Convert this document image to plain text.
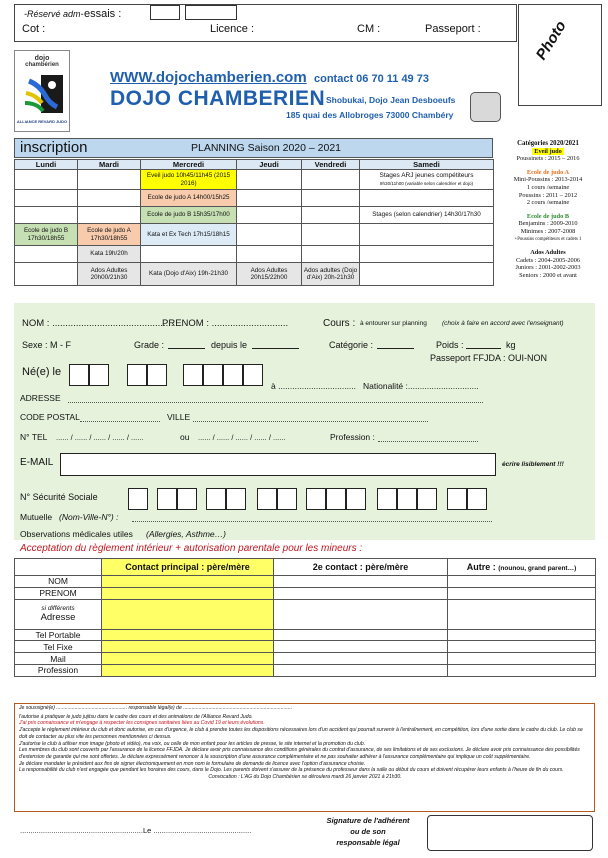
-Réservé adm- essais :
Cot :	Licence :	CM :	Passeport :	Photo
dojo
chambérien
ALLIANCE REVARD JUDO
WWW.dojochamberien.com contact 06 70 11 49 73
DOJO CHAMBERIEN Shobukai, Dojo Jean Desboeufs
185 quai des Allobroges 73000 Chambéry
inscription	PLANNING Saison 2020 – 2021
Lundi	Mardi	Mercredi	Jeudi	Vendredi	Samedi
		Eveil judo 10h45/11h45 (2015 2016)			Stages ARJ jeunes compétiteurs
9h30/11h00 (variable selon calendrier et dojo)

		Ecole de judo A 14h00/15h25			
		Ecole de judo B 15h35/17h00			Stages (selon calendrier) 14h30/17h30
Ecole de judo B 17h30/18h55	Ecole de judo A 17h30/18h55	Kata et Ex Tech 17h15/18h15			
	Kata 19h/20h				
	Ados Adultes 20h00/21h30	Kata (Dojo d'Aix) 19h-21h30	Ados Adultes 20h15/22h00	Ados adultes (Dojo d'Aix) 20h-21h30	
Catégories 2020/2021
Eveil judo
Poussinets : 2015 – 2016
Ecole de judo A
Mini-Poussins : 2013-2014
1 cours /semaine
Poussins : 2011 – 2012
2 cours /semaine
Ecole de judo B
Benjamins : 2009-2010
Minimes : 2007-2008
+Poussins compétiteurs et cadets 1
Ados Adultes
Cadets : 2004-2005-2006
Juniors : 2001-2002-2003
Seniors : 2000 et avant
NOM : ..............................................
PRENOM : .............................	Cours : à entourer sur planning (choix à faire en accord avec l'enseignant)
Sexe : M - F	Grade :	depuis le	Catégorie :	Poids :	kg
Passeport FFJDA : OUI-NON
Né(e) le
à ................................. Nationalité :..............................
ADRESSE
CODE POSTAL	VILLE
N° TEL ...... / ...... / ...... / ...... / ......	ou ...... / ...... / ...... / ...... / ......	Profession :
E-MAIL	écrire lisiblement !!!
N° Sécurité Sociale
Mutuelle (Nom-Ville-N°) :
Observations médicales utiles (Allergies, Asthme…)
Acceptation du règlement intérieur + autorisation parentale pour les mineurs :
	Contact principal : père/mère	2e contact : père/mère	Autre : (nounou, grand parent…)
NOM			
PRENOM			

si différents
Adresse			

Tel Portable			
Tel Fixe			
Mail			
Profession			
Je soussigné(e) .................................................. responsable légal(e) de .............................................................................
l'autorise à pratiquer le judo jujitsu dans le cadre des cours et des animations de l'Alliance Revard Judo.
J'ai pris connaissance et m'engage à respecter les consignes sanitaires liées au Covid 19 et leurs évolutions.
J'accepte le règlement intérieur du club et donc autorise, en cas d'urgence, le club à prendre toutes les dispositions nécessaires lors d'un accident qui pourrait survenir à l'entraînement, en compétition, lors d'une sortie dans le cadre du club. Le club se doit de contacter au plus vite les personnes mentionnées ci dessus.
J'autorise le club à utiliser mon image (photo et vidéo), ma voix, ou celle de mon enfant pour les articles de presse, le site internet et la promotion du club.
Les membres du club sont couverts par l'assurance de la licence FFJDA. Je déclare avoir pris connaissance des conditions générales du contrat d'assurance, de ses limitations et de ses exclusions. Je déclare avoir pris connaissance des possibilités d'extension de garantie qui me sont offertes. Je déclare expressément renoncer à la souscription d'une assurance complémentaire et ne pas souhaiter adhérer à l'assurance complémentaire qui implique un coût supplémentaire.
Je déclare mandater le président aux fins de signer électroniquement en mon nom le formulaire de demande de licence avec l'option d'assurance choisie.
La responsabilité du club n'est engagée que pendant les horaires des cours, dans le Dojo. Les parents doivent s'assurer de la présence du professeur dans la salle ou début du cours et doivent récupérer leurs enfants à l'heure de fin du cours.
Convocation : L'AG du Dojo Chambérien se déroulera mardi 26 janvier 2021 à 21h30.
...........................................................Le ...............................................
Signature de l'adhérent
ou de son
responsable légal
